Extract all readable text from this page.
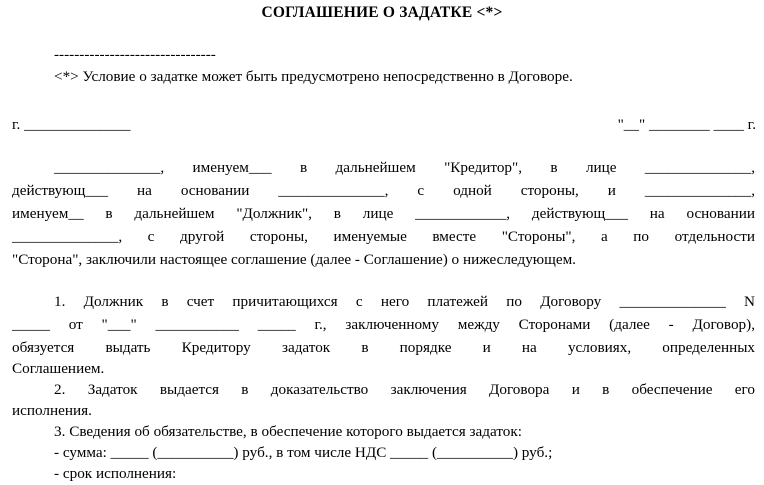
СОГЛАШЕНИЕ О ЗАДАТКЕ <*>
--------------------------------
<*> Условие о задатке может быть предусмотрено непосредственно в Договоре.
г. ______________	"__" ________ ____ г.
______________, именуем___ в дальнейшем "Кредитор", в лице ______________,
действующ___ на основании ______________, с одной стороны, и ______________,
именуем__ в дальнейшем "Должник", в лице ____________, действующ___ на основании
______________, с другой стороны, именуемые вместе "Стороны", а по отдельности
"Сторона", заключили настоящее соглашение (далее - Соглашение) о нижеследующем.
1. Должник в счет причитающихся с него платежей по Договору ______________ N
_____ от "___" ___________ _____ г., заключенному между Сторонами (далее - Договор),
обязуется выдать Кредитору задаток в порядке и на условиях, определенных
Соглашением.
2. Задаток выдается в доказательство заключения Договора и в обеспечение его
исполнения.
3. Сведения об обязательстве, в обеспечение которого выдается задаток:
- сумма: _____ (__________) руб., в том числе НДС _____ (__________) руб.;
- срок исполнения:
